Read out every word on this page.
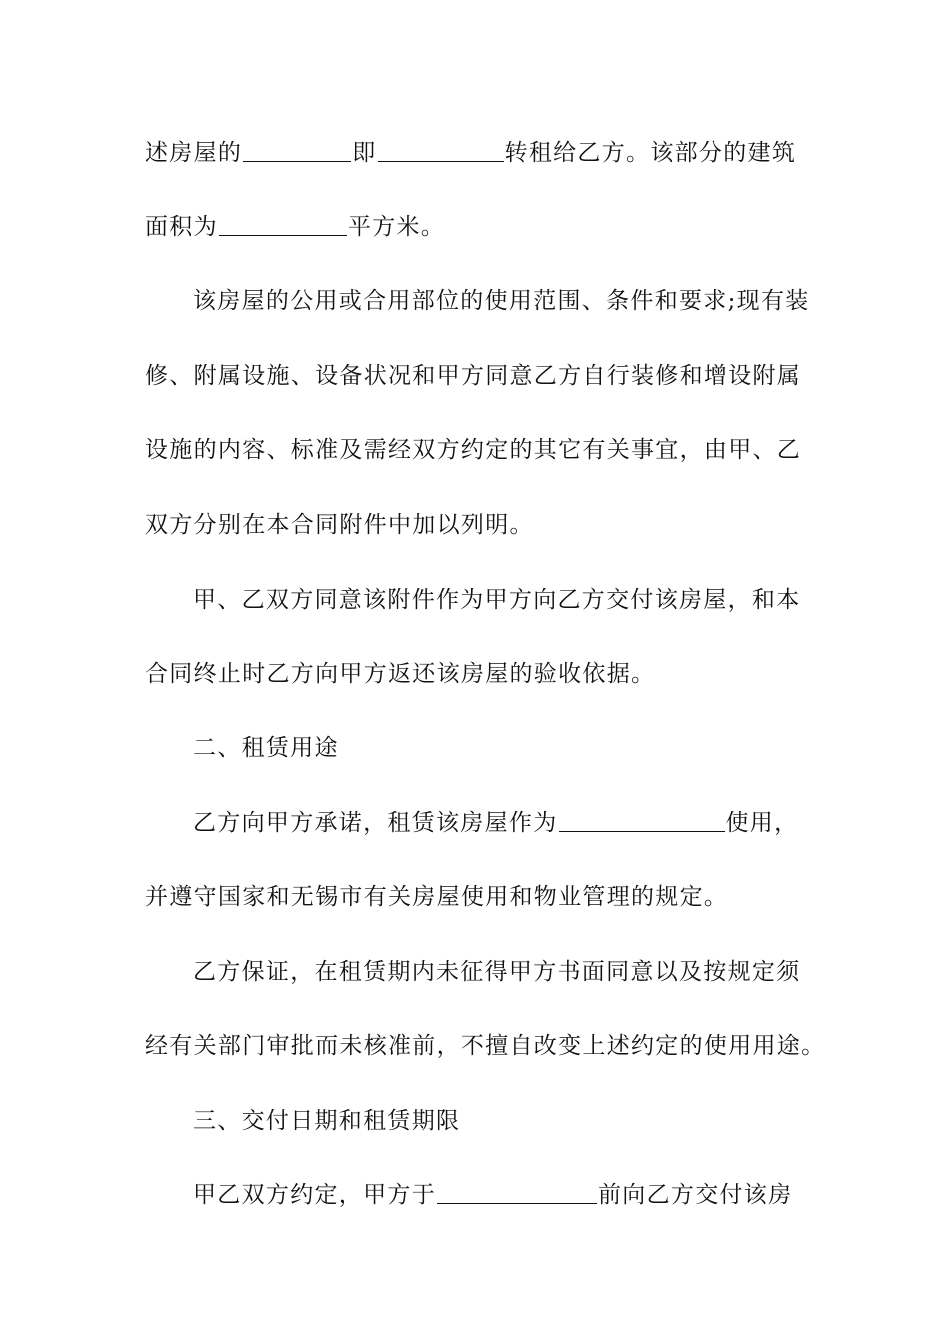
述房屋的	即	转租给乙方。该部分的建筑
面积为	平方米。
该房屋的公用或合用部位的使用范围、条件和要求;现有装
修、附属设施、设备状况和甲方同意乙方自行装修和增设附属
设施的内容、标准及需经双方约定的其它有关事宜，由甲、乙
双方分别在本合同附件中加以列明。
甲、乙双方同意该附件作为甲方向乙方交付该房屋，和本
合同终止时乙方向甲方返还该房屋的验收依据。
二、租赁用途
乙方向甲方承诺，租赁该房屋作为	使用，
并遵守国家和无锡市有关房屋使用和物业管理的规定。
乙方保证，在租赁期内未征得甲方书面同意以及按规定须
经有关部门审批而未核准前，不擅自改变上述约定的使用用途。
三、交付日期和租赁期限
甲乙双方约定，甲方于	前向乙方交付该房
